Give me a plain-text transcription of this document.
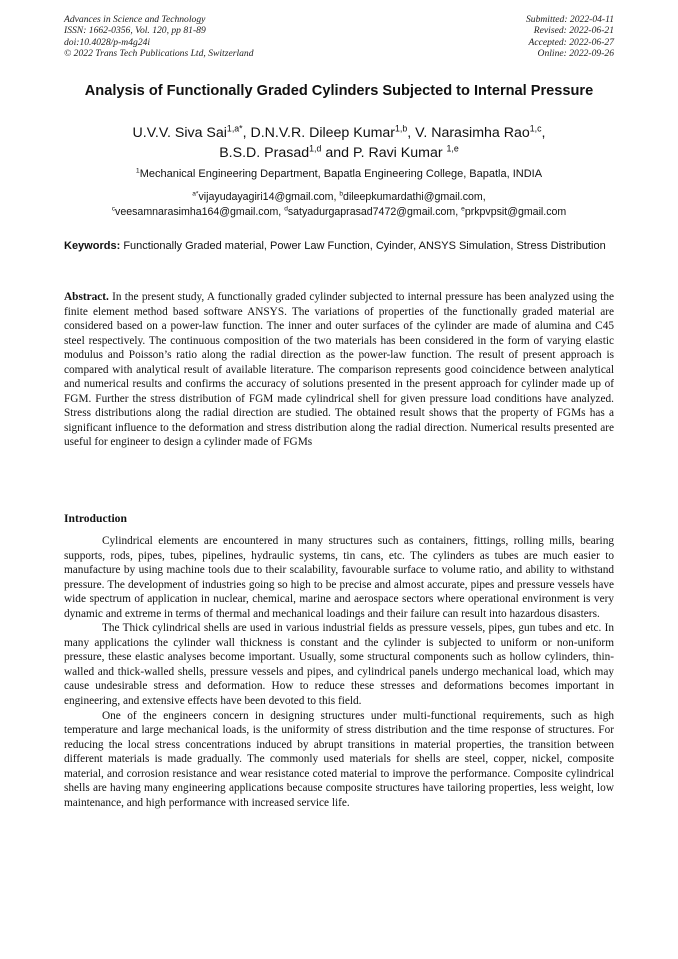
Advances in Science and Technology
ISSN: 1662-0356, Vol. 120, pp 81-89
doi:10.4028/p-m4g24i
© 2022 Trans Tech Publications Ltd, Switzerland
Submitted: 2022-04-11
Revised: 2022-06-21
Accepted: 2022-06-27
Online: 2022-09-26
Analysis of Functionally Graded Cylinders Subjected to Internal Pressure
U.V.V. Siva Sai$^{1,a*}$, D.N.V.R. Dileep Kumar$^{1,b}$, V. Narasimha Rao$^{1,c}$,
B.S.D. Prasad$^{1,d}$ and P. Ravi Kumar $^{1,e}$
$^1$Mechanical Engineering Department, Bapatla Engineering College, Bapatla, INDIA
$^{a*}$vijayudayagiri14@gmail.com, $^b$dileepkumardathi@gmail.com,
$^c$veesamnarasimha164@gmail.com, $^d$satyadurgaprasad7472@gmail.com, $^e$prkpvpsit@gmail.com
Keywords: Functionally Graded material, Power Law Function, Cyinder, ANSYS Simulation, Stress Distribution
Abstract. In the present study, A functionally graded cylinder subjected to internal pressure has been analyzed using the finite element method based software ANSYS. The variations of properties of the functionally graded material are considered based on a power-law function. The inner and outer surfaces of the cylinder are made of alumina and C45 steel respectively. The continuous composition of the two materials has been considered in the form of varying elastic modulus and Poisson’s ratio along the radial direction as the power-law function. The result of present approach is compared with analytical result of available literature. The comparison represents good coincidence between analytical and numerical results and confirms the accuracy of solutions presented in the present approach for cylinder made up of FGM. Further the stress distribution of FGM made cylindrical shell for given pressure load conditions have analyzed. Stress distributions along the radial direction are studied. The obtained result shows that the property of FGMs has a significant influence to the deformation and stress distribution along the radial direction. Numerical results presented are useful for engineer to design a cylinder made of FGMs
Introduction

Cylindrical elements are encountered in many structures such as containers, fittings, rolling mills, bearing supports, rods, pipes, tubes, pipelines, hydraulic systems, tin cans, etc. The cylinders as tubes are much easier to manufacture by using machine tools due to their scalability, favourable surface to volume ratio, and ability to withstand pressure. The development of industries going so high to be precise and almost accurate, pipes and pressure vessels have wide spectrum of application in nuclear, chemical, marine and aerospace sectors where operational environment is very dynamic and extreme in terms of thermal and mechanical loadings and their failure can result into hazardous disasters.

The Thick cylindrical shells are used in various industrial fields as pressure vessels, pipes, gun tubes and etc. In many applications the cylinder wall thickness is constant and the cylinder is subjected to uniform or non-uniform pressure, these elastic analyses become important. Usually, some structural components such as hollow cylinders, thin-walled and thick-walled shells, pressure vessels and pipes, and cylindrical panels undergo mechanical load, which may cause undesirable stress and deformation. How to reduce these stresses and deformations becomes important in engineering, and extensive effects have been devoted to this field.

One of the engineers concern in designing structures under multi-functional requirements, such as high temperature and large mechanical loads, is the uniformity of stress distribution and the time response of structures. For reducing the local stress concentrations induced by abrupt transitions in material properties, the transition between different materials is made gradually. The commonly used materials for shells are steel, copper, nickel, composite material, and corrosion resistance and wear resistance coted material to improve the performance. Composite cylindrical shells are having many engineering applications because composite structures have tailoring properties, less weight, low maintenance, and high performance with increased service life.
